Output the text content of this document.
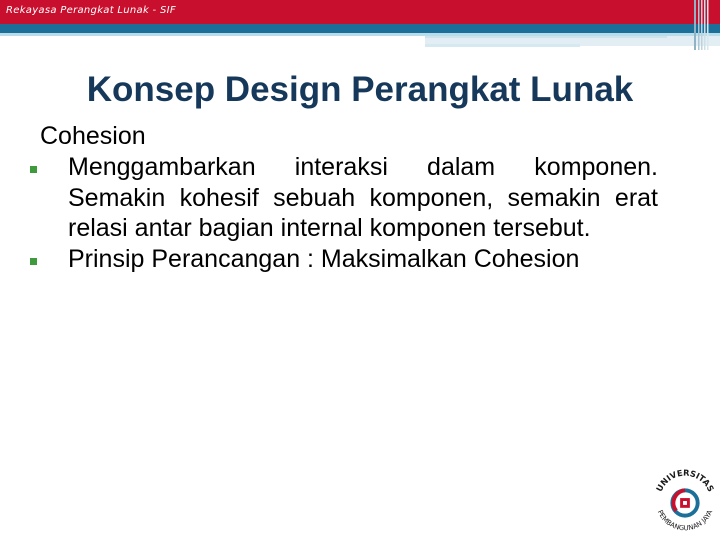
Rekayasa Perangkat Lunak - SIF
Konsep Design Perangkat Lunak
Cohesion
Menggambarkan interaksi dalam komponen. Semakin kohesif sebuah komponen, semakin erat relasi antar bagian internal komponen tersebut.
Prinsip Perancangan : Maksimalkan Cohesion
UNIVERSITAS
PEMBANGUNAN JAYA
